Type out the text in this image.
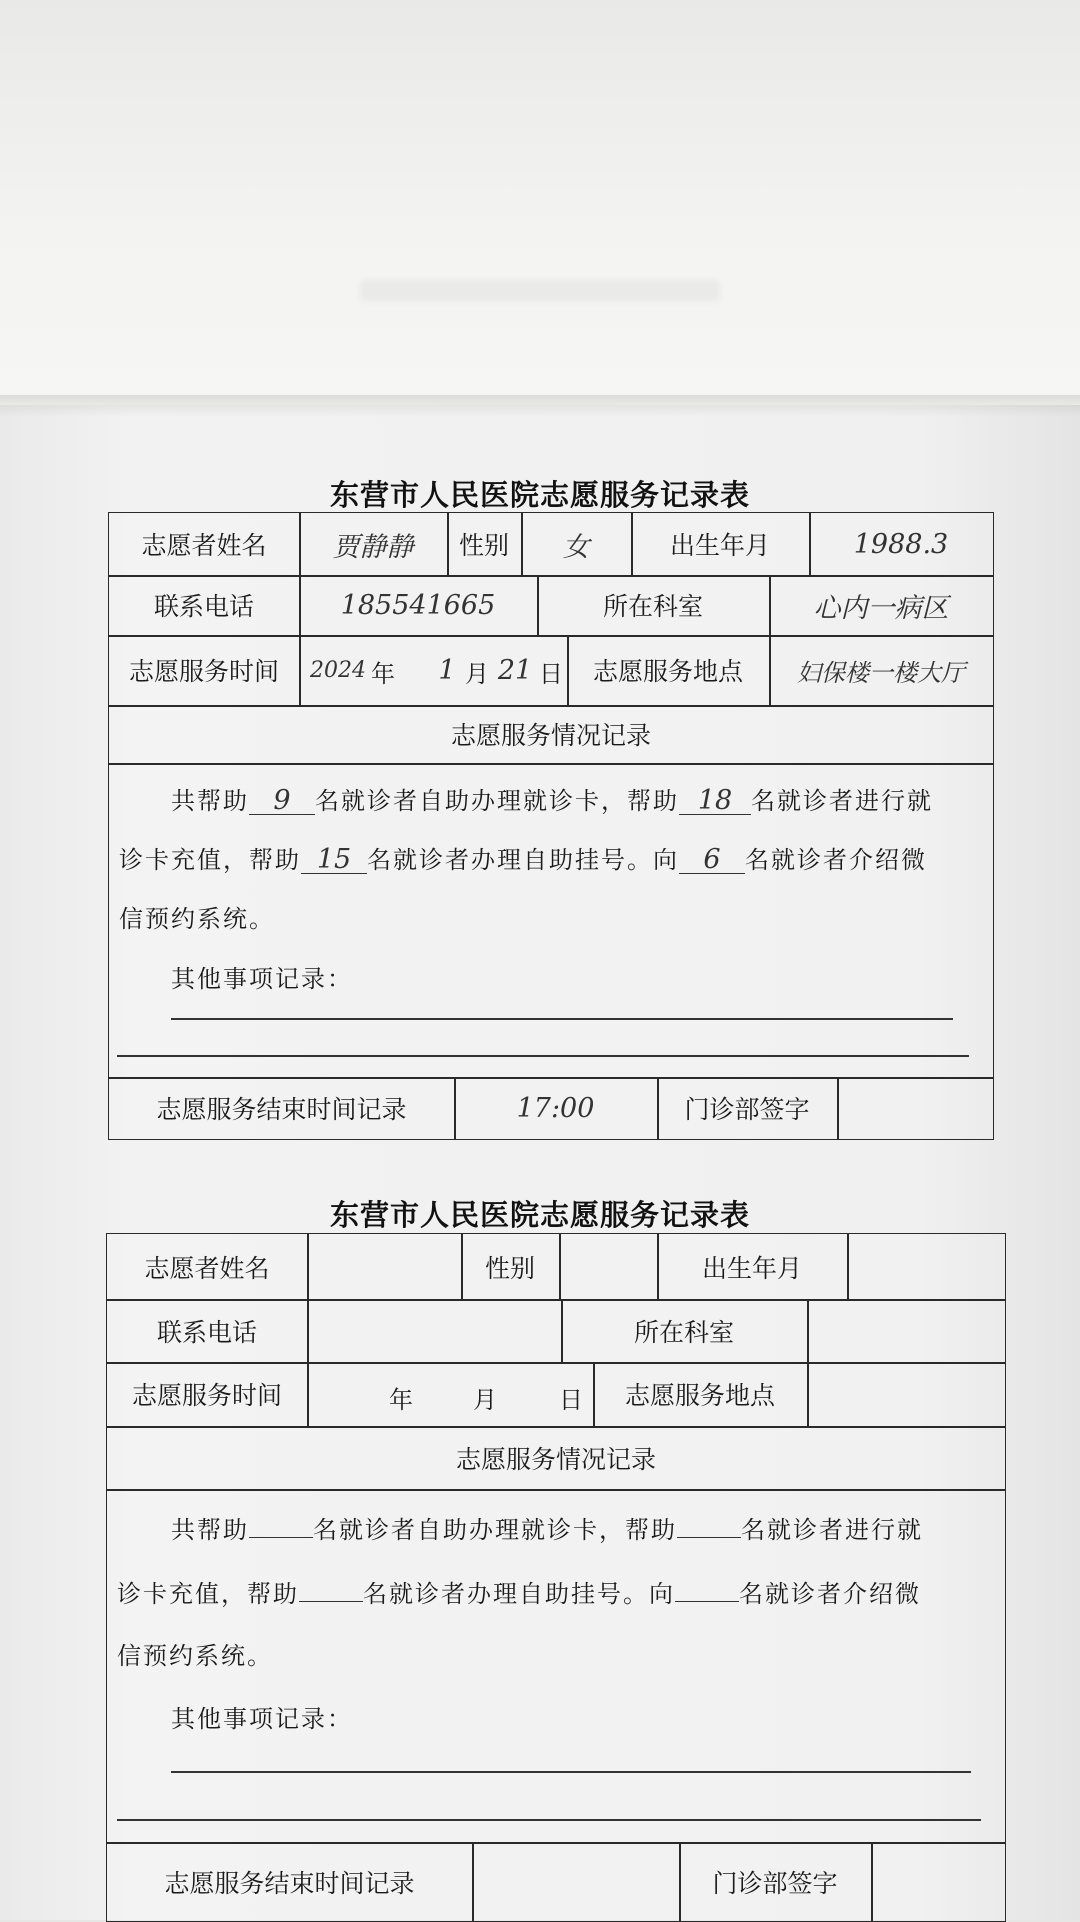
东营市人民医院志愿服务记录表
志愿者姓名	贾静静	性别	女	出生年月	1988.3
联系电话	185541665	所在科室	心内一病区
志愿服务时间	2024 年	1 月 21 日	志愿服务地点	妇保楼一楼大厅
志愿服务情况记录
共帮助 9 名就诊者自助办理就诊卡，帮助 18 名就诊者进行就
诊卡充值，帮助 15 名就诊者办理自助挂号。向 6 名就诊者介绍微
信预约系统。
其他事项记录：
志愿服务结束时间记录	17:00	门诊部签字
东营市人民医院志愿服务记录表
志愿者姓名	性别	出生年月
联系电话	所在科室
志愿服务时间	年	月	日	志愿服务地点
志愿服务情况记录
共帮助	名就诊者自助办理就诊卡，帮助	名就诊者进行就
诊卡充值，帮助	名就诊者办理自助挂号。向	名就诊者介绍微
信预约系统。
其他事项记录：
志愿服务结束时间记录	门诊部签字
